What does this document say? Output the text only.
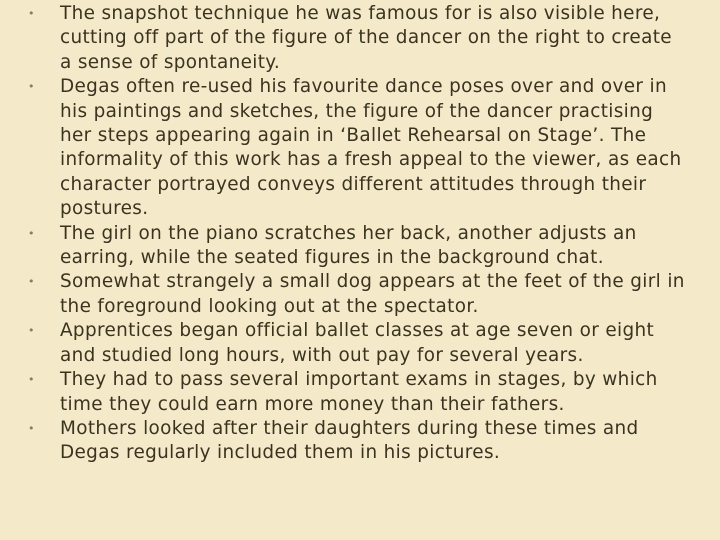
• The snapshot technique he was famous for is also visible here, cutting off part of the figure of the dancer on the right to create a sense of spontaneity.
• Degas often re-used his favourite dance poses over and over in his paintings and sketches, the figure of the dancer practising her steps appearing again in ‘Ballet Rehearsal on Stage’. The informality of this work has a fresh appeal to the viewer, as each character portrayed conveys different attitudes through their postures.
• The girl on the piano scratches her back, another adjusts an earring, while the seated figures in the background chat.
• Somewhat strangely a small dog appears at the feet of the girl in the foreground looking out at the spectator.
• Apprentices began official ballet classes at age seven or eight and studied long hours, with out pay for several years.
• They had to pass several important exams in stages, by which time they could earn more money than their fathers.
• Mothers looked after their daughters during these times and Degas regularly included them in his pictures.
